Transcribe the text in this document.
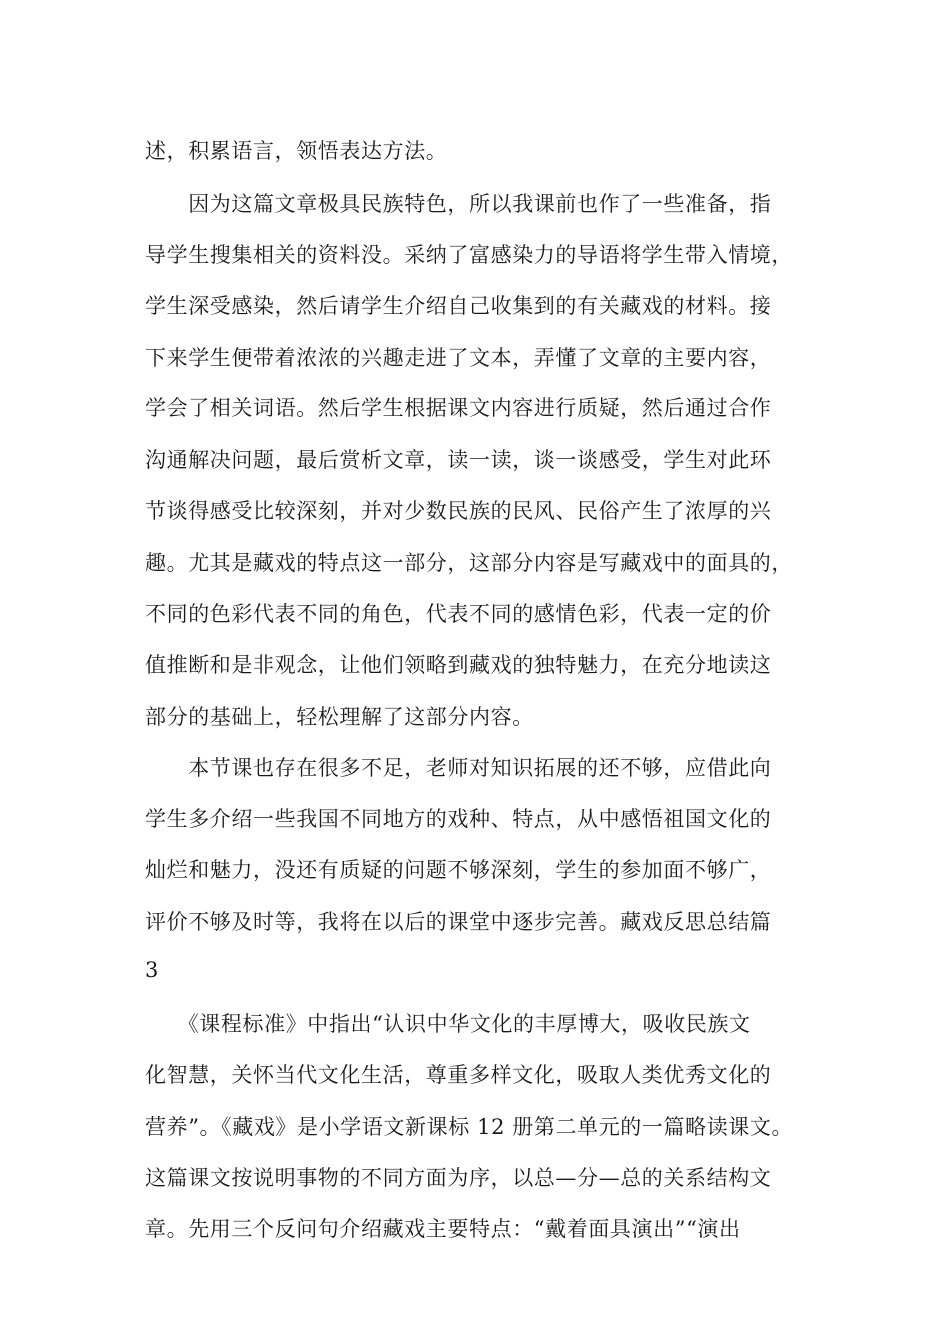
述，积累语言，领悟表达方法。
　　因为这篇文章极具民族特色，所以我课前也作了一些准备，指
导学生搜集相关的资料没。采纳了富感染力的导语将学生带入情境，
学生深受感染，然后请学生介绍自己收集到的有关藏戏的材料。接
下来学生便带着浓浓的兴趣走进了文本，弄懂了文章的主要内容，
学会了相关词语。然后学生根据课文内容进行质疑，然后通过合作
沟通解决问题，最后赏析文章，读一读，谈一谈感受，学生对此环
节谈得感受比较深刻，并对少数民族的民风、民俗产生了浓厚的兴
趣。尤其是藏戏的特点这一部分，这部分内容是写藏戏中的面具的，
不同的色彩代表不同的角色，代表不同的感情色彩，代表一定的价
值推断和是非观念，让他们领略到藏戏的独特魅力，在充分地读这
部分的基础上，轻松理解了这部分内容。
　　本节课也存在很多不足，老师对知识拓展的还不够，应借此向
学生多介绍一些我国不同地方的戏种、特点，从中感悟祖国文化的
灿烂和魅力，没还有质疑的问题不够深刻，学生的参加面不够广，
评价不够及时等，我将在以后的课堂中逐步完善。藏戏反思总结篇
3
　　《课程标准》中指出“认识中华文化的丰厚博大，吸收民族文
化智慧，关怀当代文化生活，尊重多样文化，吸取人类优秀文化的
营养”。《藏戏》是小学语文新课标 12 册第二单元的一篇略读课文。
这篇课文按说明事物的不同方面为序，以总—分—总的关系结构文
章。先用三个反问句介绍藏戏主要特点：“戴着面具演出”“演出
